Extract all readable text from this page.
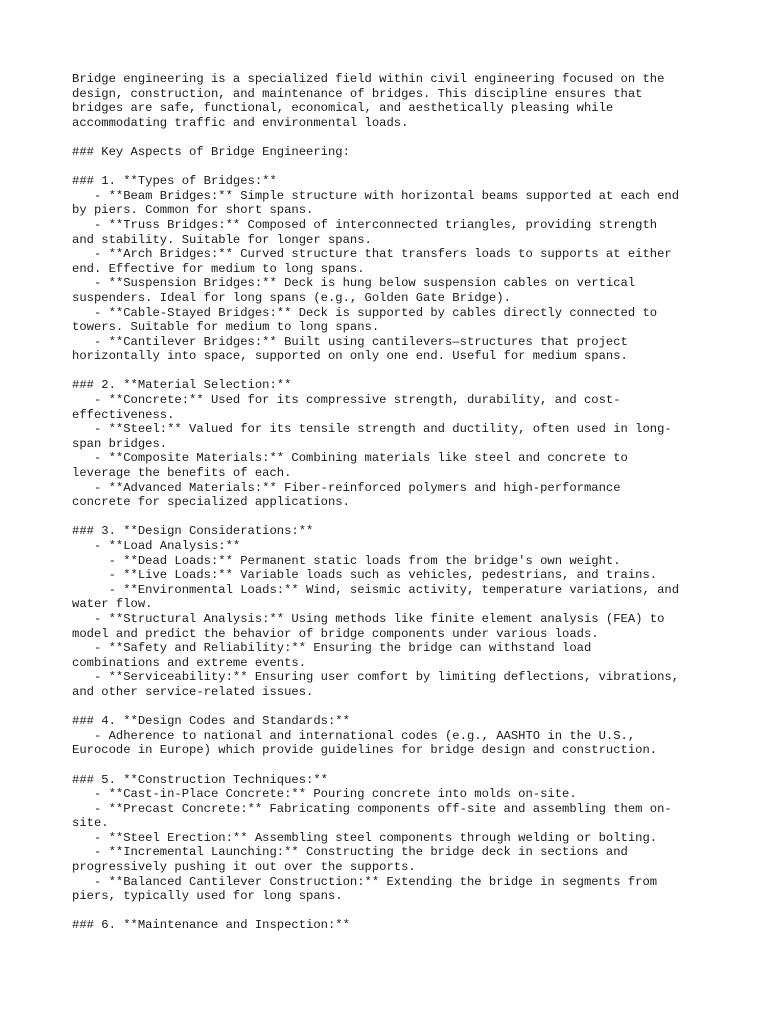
Bridge engineering is a specialized field within civil engineering focused on the
design, construction, and maintenance of bridges. This discipline ensures that
bridges are safe, functional, economical, and aesthetically pleasing while
accommodating traffic and environmental loads.
### Key Aspects of Bridge Engineering:
### 1. **Types of Bridges:**
- **Beam Bridges:** Simple structure with horizontal beams supported at each end
by piers. Common for short spans.
- **Truss Bridges:** Composed of interconnected triangles, providing strength
and stability. Suitable for longer spans.
- **Arch Bridges:** Curved structure that transfers loads to supports at either
end. Effective for medium to long spans.
- **Suspension Bridges:** Deck is hung below suspension cables on vertical
suspenders. Ideal for long spans (e.g., Golden Gate Bridge).
- **Cable-Stayed Bridges:** Deck is supported by cables directly connected to
towers. Suitable for medium to long spans.
- **Cantilever Bridges:** Built using cantilevers—structures that project
horizontally into space, supported on only one end. Useful for medium spans.
### 2. **Material Selection:**
- **Concrete:** Used for its compressive strength, durability, and cost-
effectiveness.
- **Steel:** Valued for its tensile strength and ductility, often used in long-
span bridges.
- **Composite Materials:** Combining materials like steel and concrete to
leverage the benefits of each.
- **Advanced Materials:** Fiber-reinforced polymers and high-performance
concrete for specialized applications.
### 3. **Design Considerations:**
- **Load Analysis:**
- **Dead Loads:** Permanent static loads from the bridge's own weight.
- **Live Loads:** Variable loads such as vehicles, pedestrians, and trains.
- **Environmental Loads:** Wind, seismic activity, temperature variations, and
water flow.
- **Structural Analysis:** Using methods like finite element analysis (FEA) to
model and predict the behavior of bridge components under various loads.
- **Safety and Reliability:** Ensuring the bridge can withstand load
combinations and extreme events.
- **Serviceability:** Ensuring user comfort by limiting deflections, vibrations,
and other service-related issues.
### 4. **Design Codes and Standards:**
- Adherence to national and international codes (e.g., AASHTO in the U.S.,
Eurocode in Europe) which provide guidelines for bridge design and construction.
### 5. **Construction Techniques:**
- **Cast-in-Place Concrete:** Pouring concrete into molds on-site.
- **Precast Concrete:** Fabricating components off-site and assembling them on-
site.
- **Steel Erection:** Assembling steel components through welding or bolting.
- **Incremental Launching:** Constructing the bridge deck in sections and
progressively pushing it out over the supports.
- **Balanced Cantilever Construction:** Extending the bridge in segments from
piers, typically used for long spans.
### 6. **Maintenance and Inspection:**
